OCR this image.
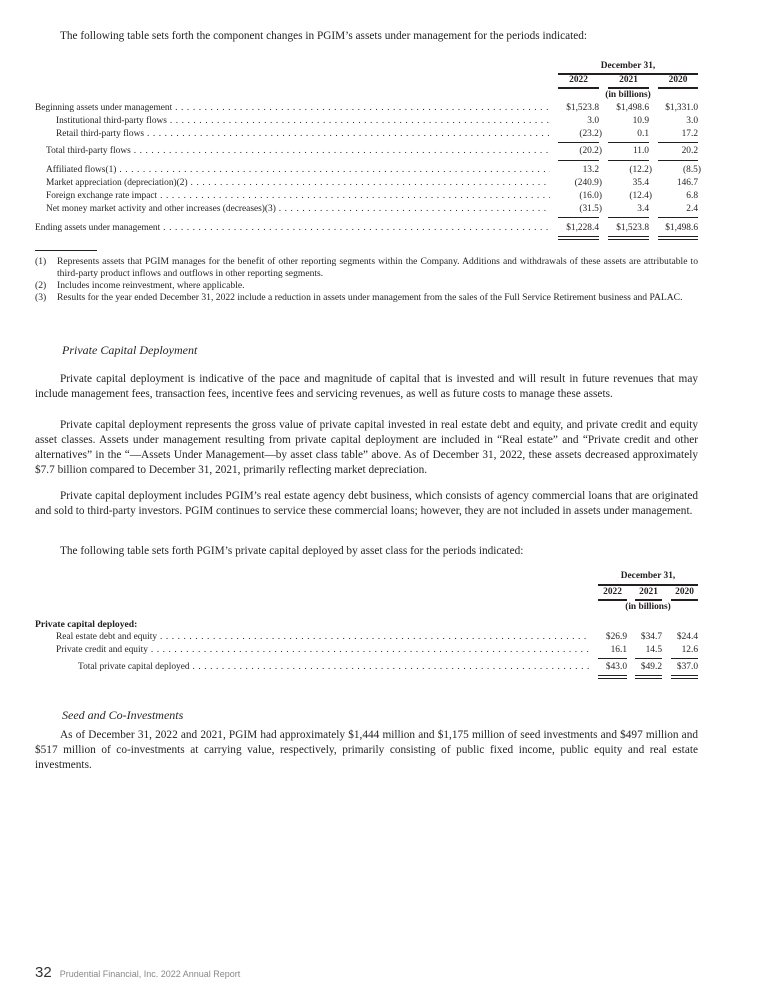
The following table sets forth the component changes in PGIM’s assets under management for the periods indicated:
December 31,
2022	2021	2020
(in billions)
Beginning assets under management . . .	$1,523.8	$1,498.6	$1,331.0
Institutional third-party flows . . .	3.0	10.9	3.0
Retail third-party flows . . .	(23.2)	0.1	17.2
Total third-party flows . . .	(20.2)	11.0	20.2
Affiliated flows(1) . . .	13.2	(12.2)	(8.5)
Market appreciation (depreciation)(2) . . .	(240.9)	35.4	146.7
Foreign exchange rate impact . . .	(16.0)	(12.4)	6.8
Net money market activity and other increases (decreases)(3) . . .	(31.5)	3.4	2.4
Ending assets under management . . .	$1,228.4	$1,523.8	$1,498.6
(1) Represents assets that PGIM manages for the benefit of other reporting segments within the Company. Additions and withdrawals of these assets are attributable to third-party product inflows and outflows in other reporting segments.
(2) Includes income reinvestment, where applicable.
(3) Results for the year ended December 31, 2022 include a reduction in assets under management from the sales of the Full Service Retirement business and PALAC.
Private Capital Deployment
Private capital deployment is indicative of the pace and magnitude of capital that is invested and will result in future revenues that may include management fees, transaction fees, incentive fees and servicing revenues, as well as future costs to manage these assets.
Private capital deployment represents the gross value of private capital invested in real estate debt and equity, and private credit and equity asset classes. Assets under management resulting from private capital deployment are included in “Real estate” and “Private credit and other alternatives” in the “—Assets Under Management—by asset class table” above. As of December 31, 2022, these assets decreased approximately $7.7 billion compared to December 31, 2021, primarily reflecting market depreciation.
Private capital deployment includes PGIM’s real estate agency debt business, which consists of agency commercial loans that are originated and sold to third-party investors. PGIM continues to service these commercial loans; however, they are not included in assets under management.
The following table sets forth PGIM’s private capital deployed by asset class for the periods indicated:
December 31,
2022	2021	2020
(in billions)
Private capital deployed:
Real estate debt and equity . . .	$26.9	$34.7	$24.4
Private credit and equity . . .	16.1	14.5	12.6
Total private capital deployed . . .	$43.0	$49.2	$37.0
Seed and Co-Investments
As of December 31, 2022 and 2021, PGIM had approximately $1,444 million and $1,175 million of seed investments and $497 million and $517 million of co-investments at carrying value, respectively, primarily consisting of public fixed income, public equity and real estate investments.
32 Prudential Financial, Inc. 2022 Annual Report
